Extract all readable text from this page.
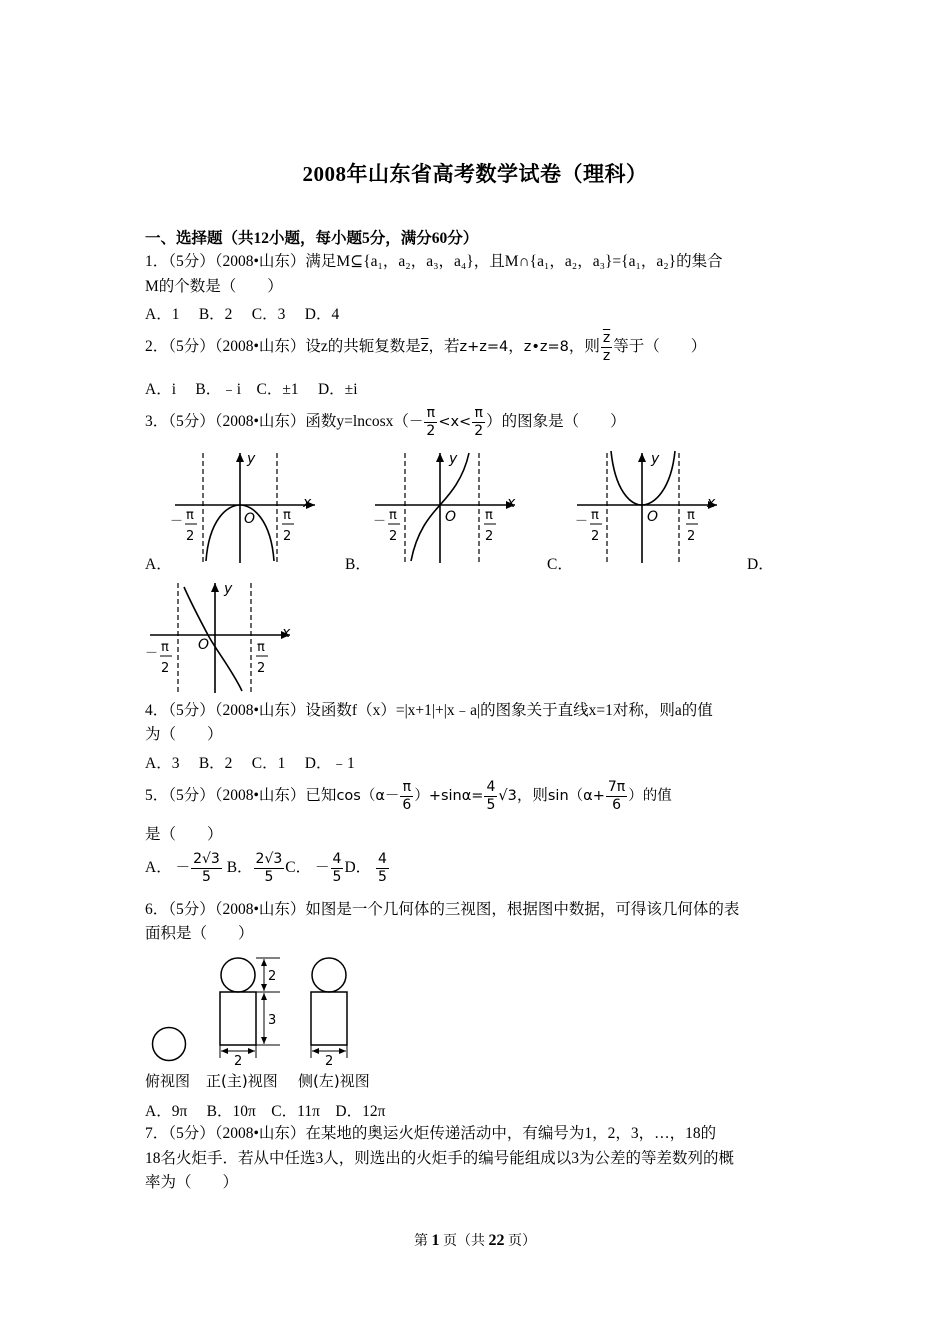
2008年山东省高考数学试卷（理科）
一、选择题（共12小题，每小题5分，满分60分）
1．（5分）（2008•山东）满足M⊆{a₁，a₂，a₃，a₄}，且M∩{a₁，a₂，a₃}={a₁，a₂}的集合
M的个数是（　　）
A．1　 B．2　 C．3　 D．4
2．（5分）（2008•山东）设z的共轭复数是$\overline{z}$，若z+z=4，z•z=8，则 $\frac{\overline{z}}{z}$ 等于（　　）
A．i　 B．﹣i　C．±1　 D．±i
3．（5分）（2008•山东）函数$y=lncosx(- \frac{\pi}{2} <x< \frac{\pi}{2}$ ）的图象是（　　）
y
x
O
－ π
2
π
2
y
x
O
－ π
2
π
2
y
x
O
－ π
2
π
2
A．	B．	C．	D．
y
x
O
－ π
2
π
2
4．（5分）（2008•山东）设函数f（x）=|x+1|+|x﹣a|的图象关于直线x=1对称，则a的值
为（　　）
A．3　 B．2　 C．1　 D．﹣1
5．（5分）（2008•山东）已知$\cos(\alpha- \frac{\pi}{6} )+\sin\alpha= \frac{4}{5} √3$，则$\sin(\alpha+ \frac{7\pi}{6}$ ）的值
是（　　）
A． － $\frac{2√3}{5}$ B． $\frac{2√3}{5}$ C． － $\frac{4}{5}$ D． $\frac{4}{5}$
6．（5分）（2008•山东）如图是一个几何体的三视图，根据图中数据，可得该几何体的表
面积是（　　）
2
3
2	2
俯视图 正(主)视图 侧(左)视图
A．9π　 B．10π　C．11π　D．12π
7．（5分）（2008•山东）在某地的奥运火炬传递活动中，有编号为1，2，3，…，18的
18名火炬手．若从中任选3人，则选出的火炬手的编号能组成以3为公差的等差数列的概
率为（　　）
第 1 页（共 22 页）
